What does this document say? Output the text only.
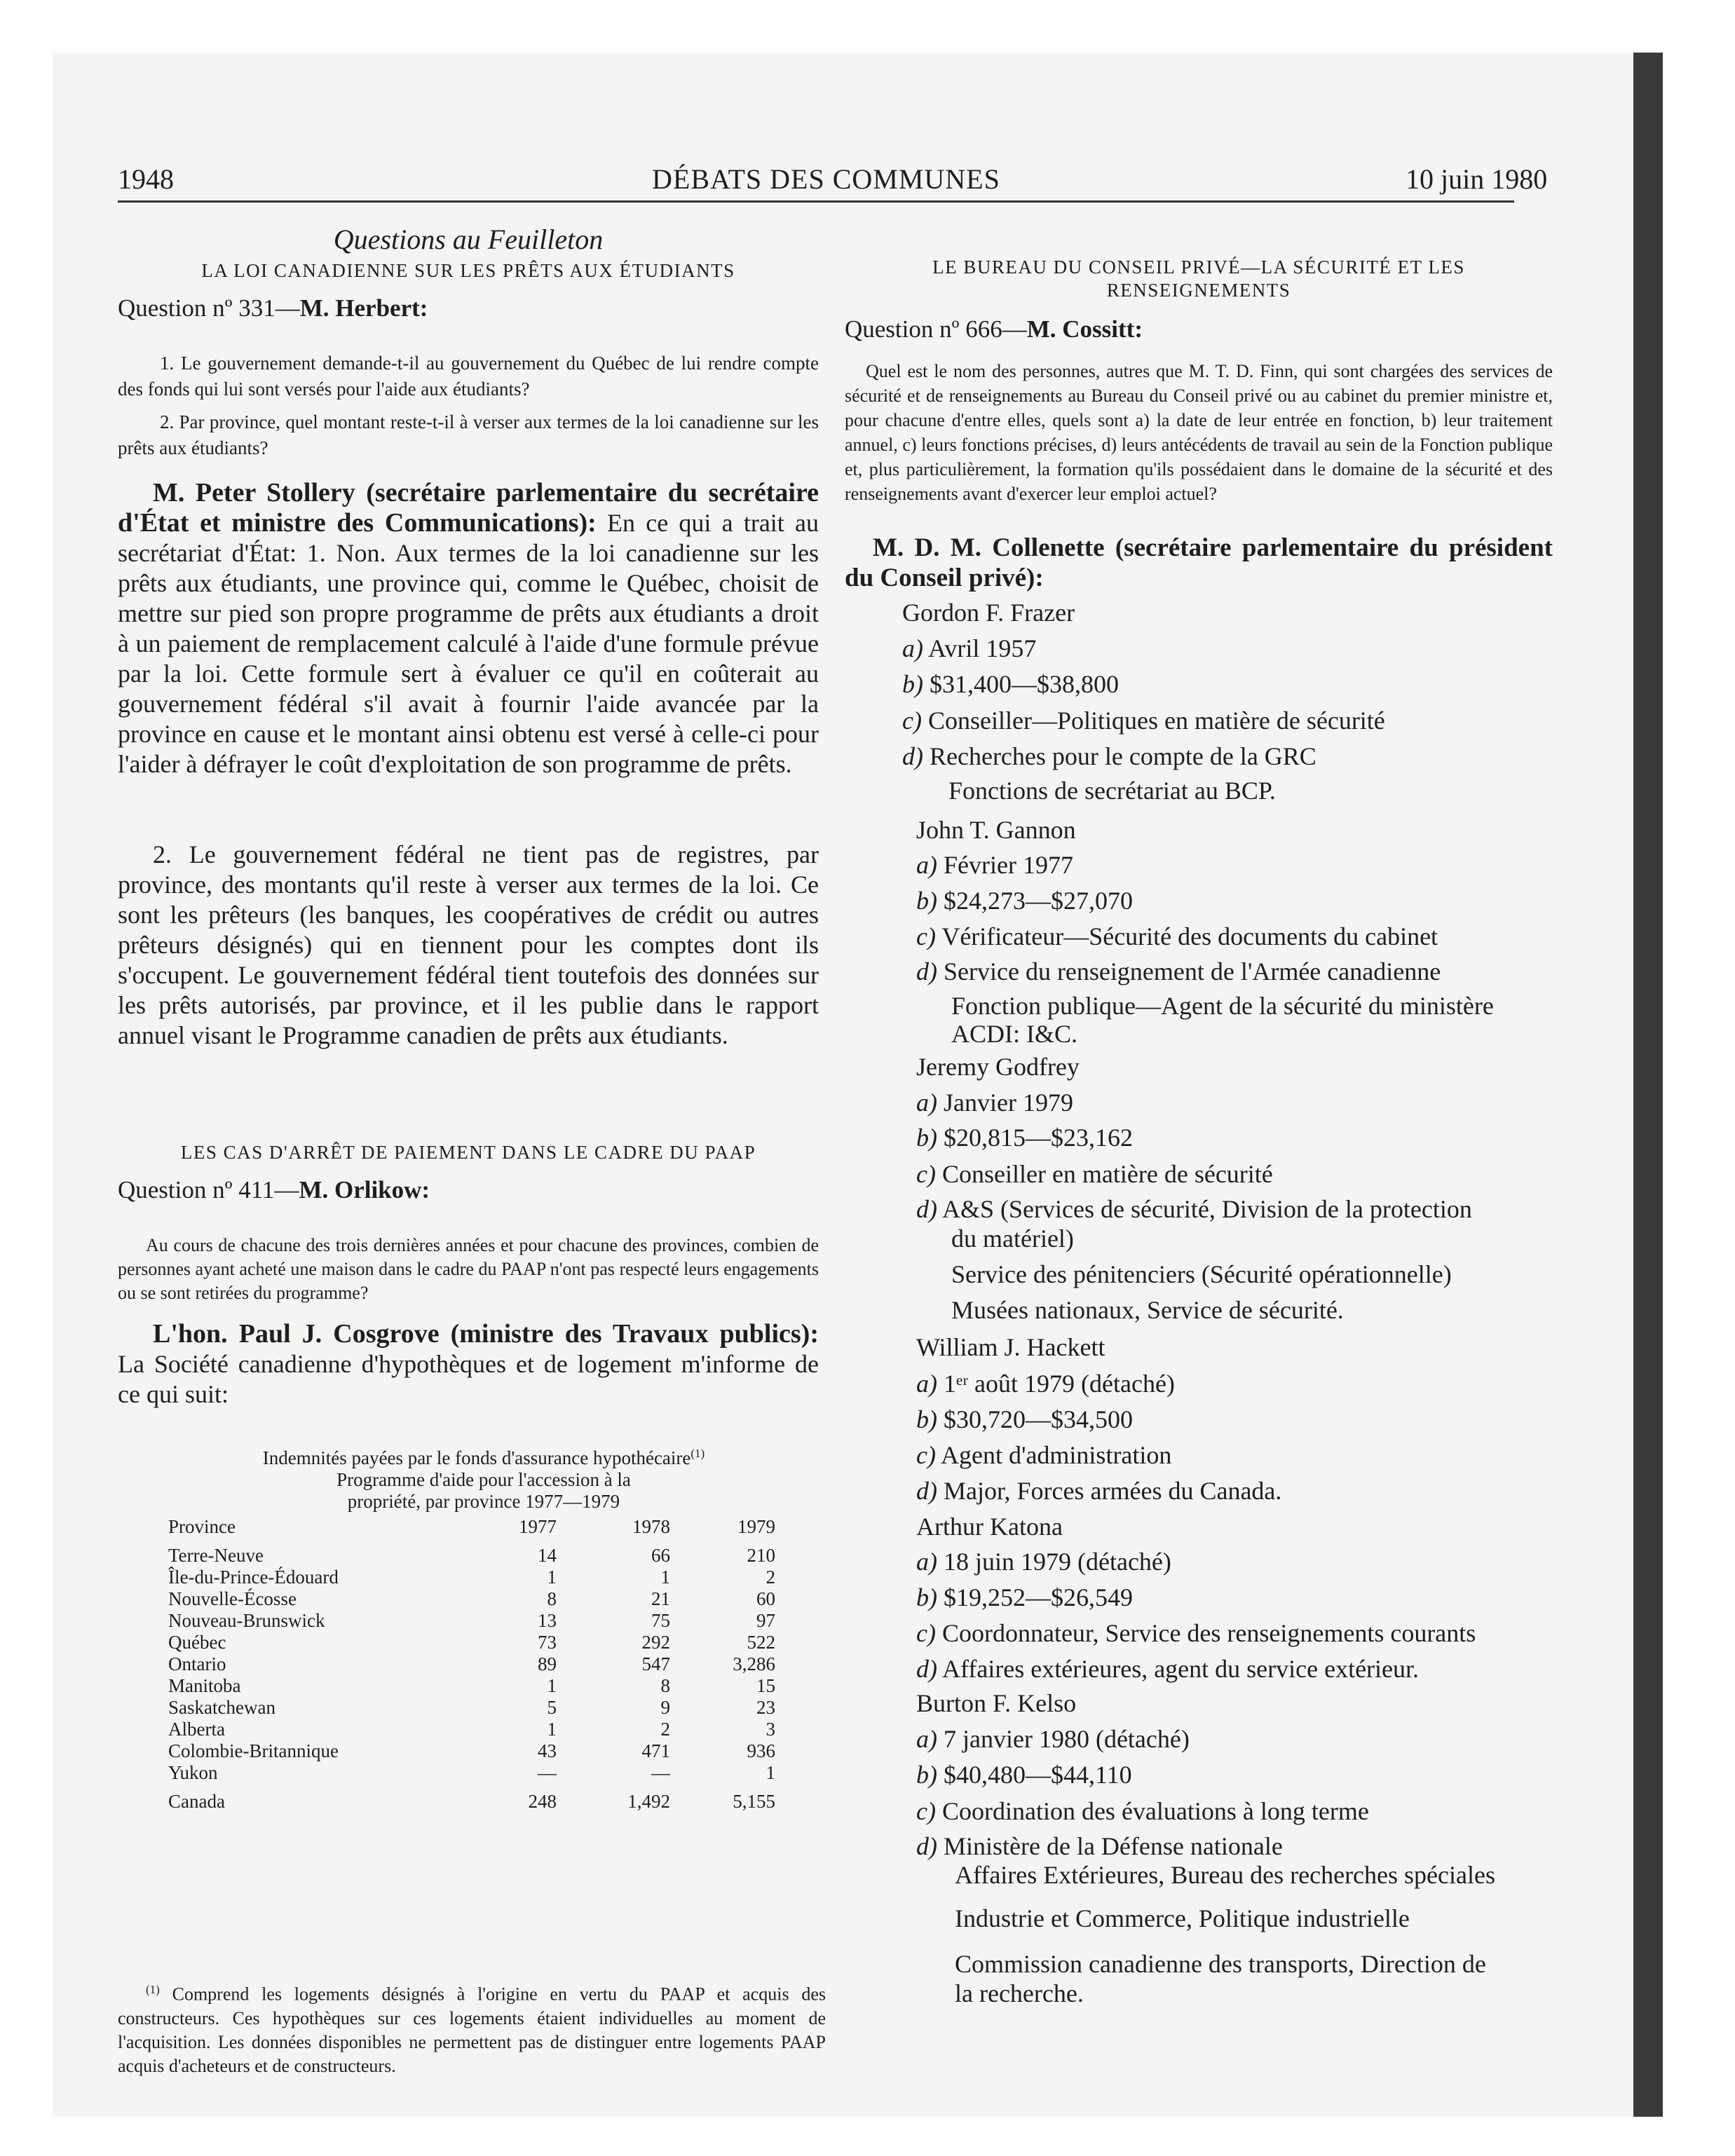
1948	DÉBATS DES COMMUNES	10 juin 1980
Questions au Feuilleton
LA LOI CANADIENNE SUR LES PRÊTS AUX ÉTUDIANTS
Question nº 331—M. Herbert:
1. Le gouvernement demande-t-il au gouvernement du Québec de lui rendre compte des fonds qui lui sont versés pour l'aide aux étudiants?
2. Par province, quel montant reste-t-il à verser aux termes de la loi canadienne sur les prêts aux étudiants?
M. Peter Stollery (secrétaire parlementaire du secrétaire d'État et ministre des Communications): En ce qui a trait au secrétariat d'État: 1. Non. Aux termes de la loi canadienne sur les prêts aux étudiants, une province qui, comme le Québec, choisit de mettre sur pied son propre programme de prêts aux étudiants a droit à un paiement de remplacement calculé à l'aide d'une formule prévue par la loi. Cette formule sert à évaluer ce qu'il en coûterait au gouvernement fédéral s'il avait à fournir l'aide avancée par la province en cause et le montant ainsi obtenu est versé à celle-ci pour l'aider à défrayer le coût d'exploitation de son programme de prêts.
2. Le gouvernement fédéral ne tient pas de registres, par province, des montants qu'il reste à verser aux termes de la loi. Ce sont les prêteurs (les banques, les coopératives de crédit ou autres prêteurs désignés) qui en tiennent pour les comptes dont ils s'occupent. Le gouvernement fédéral tient toutefois des données sur les prêts autorisés, par province, et il les publie dans le rapport annuel visant le Programme canadien de prêts aux étudiants.
LES CAS D'ARRÊT DE PAIEMENT DANS LE CADRE DU PAAP
Question nº 411—M. Orlikow:
Au cours de chacune des trois dernières années et pour chacune des provinces, combien de personnes ayant acheté une maison dans le cadre du PAAP n'ont pas respecté leurs engagements ou se sont retirées du programme?
L'hon. Paul J. Cosgrove (ministre des Travaux publics): La Société canadienne d'hypothèques et de logement m'informe de ce qui suit:
Indemnités payées par le fonds d'assurance hypothécaire$^{(1)}$
Programme d'aide pour l'accession à la
propriété, par province 1977—1979
Province	1977	1978	1979

Terre-Neuve	14	66	210
Île-du-Prince-Édouard	1	1	2
Nouvelle-Écosse	8	21	60
Nouveau-Brunswick	13	75	97
Québec	73	292	522
Ontario	89	547	3,286
Manitoba	1	8	15
Saskatchewan	5	9	23
Alberta	1	2	3
Colombie-Britannique	43	471	936
Yukon	—	—	1

Canada	248	1,492	5,155
$^{(1)}$ Comprend les logements désignés à l'origine en vertu du PAAP et acquis des constructeurs. Ces hypothèques sur ces logements étaient individuelles au moment de l'acquisition. Les données disponibles ne permettent pas de distinguer entre logements PAAP acquis d'acheteurs et de constructeurs.
LE BUREAU DU CONSEIL PRIVÉ—LA SÉCURITÉ ET LES RENSEIGNEMENTS
Question nº 666—M. Cossitt:
Quel est le nom des personnes, autres que M. T. D. Finn, qui sont chargées des services de sécurité et de renseignements au Bureau du Conseil privé ou au cabinet du premier ministre et, pour chacune d'entre elles, quels sont a) la date de leur entrée en fonction, b) leur traitement annuel, c) leurs fonctions précises, d) leurs antécédents de travail au sein de la Fonction publique et, plus particulièrement, la formation qu'ils possédaient dans le domaine de la sécurité et des renseignements avant d'exercer leur emploi actuel?
M. D. M. Collenette (secrétaire parlementaire du président du Conseil privé):
Gordon F. Frazer
a) Avril 1957
b) $31,400—$38,800
c) Conseiller—Politiques en matière de sécurité
d) Recherches pour le compte de la GRC
Fonctions de secrétariat au BCP.
John T. Gannon
a) Février 1977
b) $24,273—$27,070
c) Vérificateur—Sécurité des documents du cabinet
d) Service du renseignement de l'Armée canadienne
Fonction publique—Agent de la sécurité du ministère
ACDI: I&C.
Jeremy Godfrey
a) Janvier 1979
b) $20,815—$23,162
c) Conseiller en matière de sécurité
d) A&S (Services de sécurité, Division de la protection
du matériel)
Service des pénitenciers (Sécurité opérationnelle)
Musées nationaux, Service de sécurité.
William J. Hackett
a) 1ᵉʳ août 1979 (détaché)
b) $30,720—$34,500
c) Agent d'administration
d) Major, Forces armées du Canada.
Arthur Katona
a) 18 juin 1979 (détaché)
b) $19,252—$26,549
c) Coordonnateur, Service des renseignements courants
d) Affaires extérieures, agent du service extérieur.
Burton F. Kelso
a) 7 janvier 1980 (détaché)
b) $40,480—$44,110
c) Coordination des évaluations à long terme
d) Ministère de la Défense nationale
Affaires Extérieures, Bureau des recherches spéciales
Industrie et Commerce, Politique industrielle
Commission canadienne des transports, Direction de
la recherche.
